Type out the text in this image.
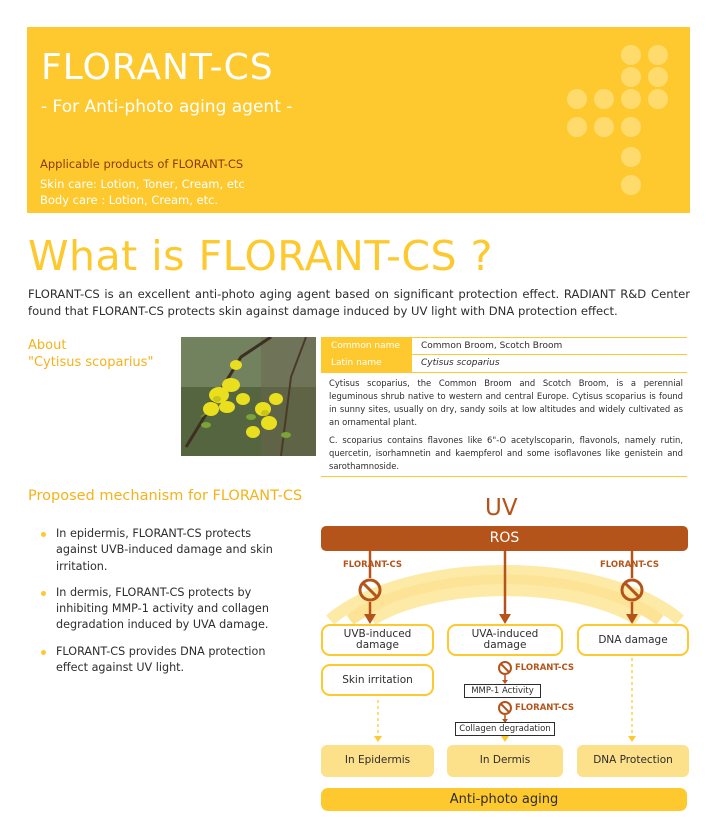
FLORANT-CS
- For Anti-photo aging agent -
Applicable products of FLORANT-CS
Skin care: Lotion, Toner, Cream, etc
Body care : Lotion, Cream, etc.
What is FLORANT-CS ?

FLORANT-CS is an excellent anti-photo aging agent based on significant protection effect. RADIANT R&D Center found that FLORANT-CS protects skin against damage induced by UV light with DNA protection effect.

About
"Cytisus scoparius"
Common name	Common Broom, Scotch Broom
Latin name	Cytisus scoparius

Cytisus scoparius, the Common Broom and Scotch Broom, is a perennial leguminous shrub native to western and central Europe. Cytisus scoparius is found in sunny sites, usually on dry, sandy soils at low altitudes and widely cultivated as an ornamental plant.

C. scoparius contains flavones like 6"-O acetylscoparin, flavonols, namely rutin, quercetin, isorhamnetin and kaempferol and some isoflavones like genistein and sarothamnoside.

Proposed mechanism for FLORANT-CS
In epidermis, FLORANT-CS protects against UVB-induced damage and skin irritation.
In dermis, FLORANT-CS protects by inhibiting MMP-1 activity and collagen degradation induced by UVA damage.
FLORANT-CS provides DNA protection effect against UV light.
UV
ROS
FLORANT-CS	FLORANT-CS
FLORANT-CS
FLORANT-CS
UVB-induced damage
UVA-induced damage	DNA damage
Skin irritation
MMP-1 Activity
Collagen degradation
In Epidermis	In Dermis	DNA Protection
Anti-photo aging
